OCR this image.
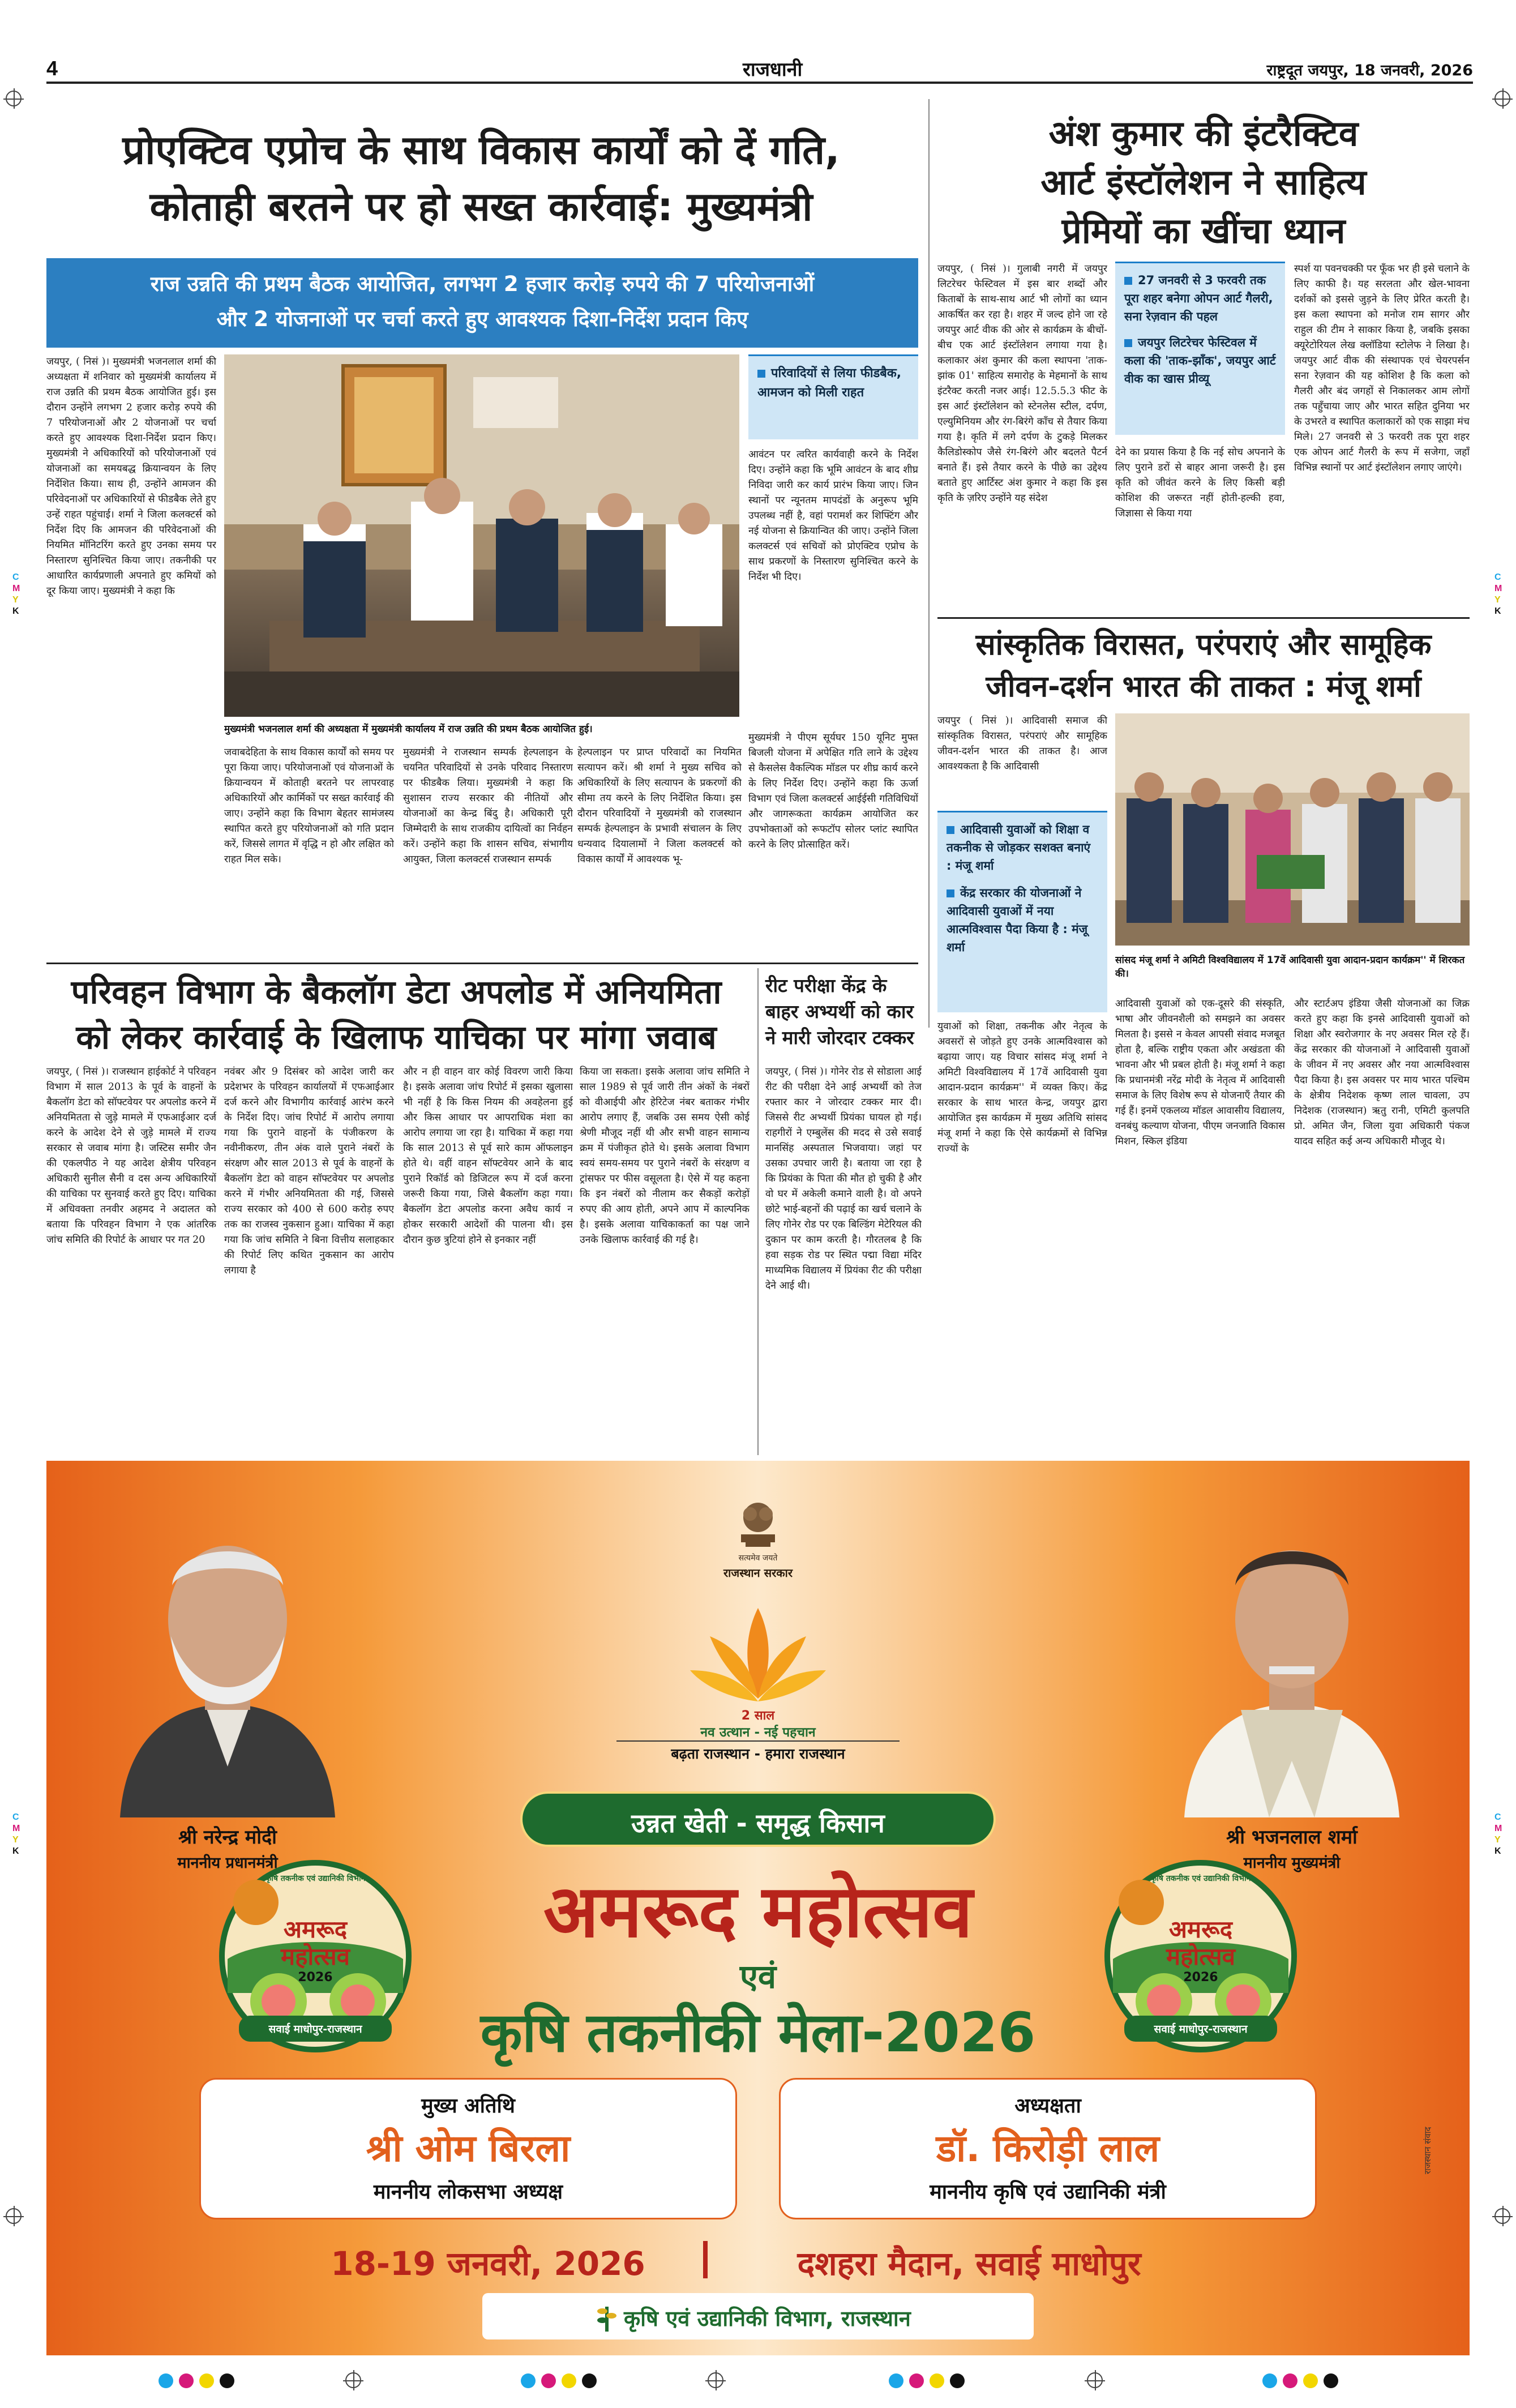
4	राजधानी	राष्ट्रदूत जयपुर, 18 जनवरी, 2026
C
M
Y
K
C
M
Y
K
C
M
Y
K
C
M
Y
K
प्रोएक्टिव एप्रोच के साथ विकास कार्यों को दें गति,
कोताही बरतने पर हो सख्त कार्रवाई: मुख्यमंत्री
राज उन्नति की प्रथम बैठक आयोजित, लगभग 2 हजार करोड़ रुपये की 7 परियोजनाओं
और 2 योजनाओं पर चर्चा करते हुए आवश्यक दिशा-निर्देश प्रदान किए
जयपुर, ( निसं )। मुख्यमंत्री भजनलाल शर्मा की अध्यक्षता में शनिवार को मुख्यमंत्री कार्यालय में राज उन्नति की प्रथम बैठक आयोजित हुई। इस दौरान उन्होंने लगभग 2 हजार करोड़ रुपये की 7 परियोजनाओं और 2 योजनाओं पर चर्चा करते हुए आवश्यक दिशा-निर्देश प्रदान किए। मुख्यमंत्री ने अधिकारियों को परियोजनाओं एवं योजनाओं का समयबद्ध क्रियान्वयन के लिए निर्देशित किया। साथ ही, उन्होंने आमजन की परिवेदनाओं पर अधिकारियों से फीडबैक लेते हुए उन्हें राहत पहुंचाई। शर्मा ने जिला कलक्टर्स को निर्देश दिए कि आमजन की परिवेदनाओं की नियमित मॉनिटरिंग करते हुए उनका समय पर निस्तारण सुनिश्चित किया जाए। तकनीकी पर आधारित कार्यप्रणाली अपनाते हुए कमियों को दूर किया जाए। मुख्यमंत्री ने कहा कि
परिवादियों से लिया फीडबैक, आमजन को मिली राहत
आवंटन पर त्वरित कार्यवाही करने के निर्देश दिए। उन्होंने कहा कि भूमि आवंटन के बाद शीघ्र निविदा जारी कर कार्य प्रारंभ किया जाए। जिन स्थानों पर न्यूनतम मापदंडों के अनुरूप भूमि उपलब्ध नहीं है, वहां परामर्श कर शिफ्टिंग और नई योजना से क्रियान्वित की जाए। उन्होंने जिला कलक्टर्स एवं सचिवों को प्रोएक्टिव एप्रोच के साथ प्रकरणों के निस्तारण सुनिश्चित करने के निर्देश भी दिए।
मुख्यमंत्री भजनलाल शर्मा की अध्यक्षता में मुख्यमंत्री कार्यालय में राज उन्नति की प्रथम बैठक आयोजित हुई।
जवाबदेहिता के साथ विकास कार्यों को समय पर पूरा किया जाए। परियोजनाओं एवं योजनाओं के क्रियान्वयन में कोताही बरतने पर लापरवाह अधिकारियों और कार्मिकों पर सख्त कार्रवाई की जाए। उन्होंने कहा कि विभाग बेहतर सामंजस्य स्थापित करते हुए परियोजनाओं को गति प्रदान करें, जिससे लागत में वृद्धि न हो और लक्षित को राहत मिल सके।
मुख्यमंत्री ने राजस्थान सम्पर्क हेल्पलाइन के चयनित परिवादियों से उनके परिवाद निस्तारण पर फीडबैक लिया। मुख्यमंत्री ने कहा कि सुशासन राज्य सरकार की नीतियों और योजनाओं का केन्द्र बिंदु है। अधिकारी पूरी जिम्मेदारी के साथ राजकीय दायित्वों का निर्वहन करें। उन्होंने कहा कि शासन सचिव, संभागीय आयुक्त, जिला कलक्टर्स राजस्थान सम्पर्क
हेल्पलाइन पर प्राप्त परिवादों का नियमित सत्यापन करें। श्री शर्मा ने मुख्य सचिव को अधिकारियों के लिए सत्यापन के प्रकरणों की सीमा तय करने के लिए निर्देशित किया। इस दौरान परिवादियों ने मुख्यमंत्री को राजस्थान सम्पर्क हेल्पलाइन के प्रभावी संचालन के लिए धन्यवाद दियालामों ने जिला कलक्टर्स को विकास कार्यों में आवश्यक भू-
मुख्यमंत्री ने पीएम सूर्यघर 150 यूनिट मुफ्त बिजली योजना में अपेक्षित गति लाने के उद्देश्य से कैसलेस वैकल्पिक मॉडल पर शीघ्र कार्य करने के लिए निर्देश दिए। उन्होंने कहा कि ऊर्जा विभाग एवं जिला कलक्टर्स आईईसी गतिविधियों और जागरूकता कार्यक्रम आयोजित कर उपभोक्ताओं को रूफटॉप सोलर प्लांट स्थापित करने के लिए प्रोत्साहित करें।
परिवहन विभाग के बैकलॉग डेटा अपलोड में अनियमिता
को लेकर कार्रवाई के खिलाफ याचिका पर मांगा जवाब
जयपुर, ( निसं )। राजस्थान हाईकोर्ट ने परिवहन विभाग में साल 2013 के पूर्व के वाहनों के बैकलॉग डेटा को सॉफ्टवेयर पर अपलोड करने में अनियमितता से जुड़े मामले में एफआईआर दर्ज करने के आदेश देने से जुड़े मामले में राज्य सरकार से जवाब मांगा है। जस्टिस समीर जैन की एकलपीठ ने यह आदेश क्षेत्रीय परिवहन अधिकारी सुनील सैनी व दस अन्य अधिकारियों की याचिका पर सुनवाई करते हुए दिए। याचिका में अधिवक्ता तनवीर अहमद ने अदालत को बताया कि परिवहन विभाग ने एक आंतरिक जांच समिति की रिपोर्ट के आधार पर गत 20
नवंबर और 9 दिसंबर को आदेश जारी कर प्रदेशभर के परिवहन कार्यालयों में एफआईआर दर्ज करने और विभागीय कार्रवाई आरंभ करने के निर्देश दिए। जांच रिपोर्ट में आरोप लगाया गया कि पुराने वाहनों के पंजीकरण के नवीनीकरण, तीन अंक वाले पुराने नंबरों के संरक्षण और साल 2013 से पूर्व के वाहनों के बैकलॉग डेटा को वाहन सॉफ्टवेयर पर अपलोड करने में गंभीर अनियमितता की गई, जिससे राज्य सरकार को 400 से 600 करोड़ रुपए तक का राजस्व नुकसान हुआ। याचिका में कहा गया कि जांच समिति ने बिना वित्तीय सलाहकार की रिपोर्ट लिए कथित नुकसान का आरोप लगाया है
और न ही वाहन वार कोई विवरण जारी किया है। इसके अलावा जांच रिपोर्ट में इसका खुलासा भी नहीं है कि किस नियम की अवहेलना हुई और किस आधार पर आपराधिक मंशा का आरोप लगाया जा रहा है। याचिका में कहा गया कि साल 2013 से पूर्व सारे काम ऑफलाइन होते थे। वहीं वाहन सॉफ्टवेयर आने के बाद पुराने रिकॉर्ड को डिजिटल रूप में दर्ज करना जरूरी किया गया, जिसे बैकलॉग कहा गया। बैकलॉग डेटा अपलोड करना अवैध कार्य न होकर सरकारी आदेशों की पालना थी। इस दौरान कुछ त्रुटियां होने से इनकार नहीं
किया जा सकता। इसके अलावा जांच समिति ने साल 1989 से पूर्व जारी तीन अंकों के नंबरों को वीआईपी और हेरिटेज नंबर बताकर गंभीर आरोप लगाए हैं, जबकि उस समय ऐसी कोई श्रेणी मौजूद नहीं थी और सभी वाहन सामान्य क्रम में पंजीकृत होते थे। इसके अलावा विभाग स्वयं समय-समय पर पुराने नंबरों के संरक्षण व ट्रांसफर पर फीस वसूलता है। ऐसे में यह कहना कि इन नंबरों को नीलाम कर सैकड़ों करोड़ों रुपए की आय होती, अपने आप में काल्पनिक है। इसके अलावा याचिकाकर्ता का पक्ष जाने उनके खिलाफ कार्रवाई की गई है।
रीट परीक्षा केंद्र के बाहर अभ्यर्थी को कार ने मारी जोरदार टक्कर
जयपुर, ( निसं )। गोनेर रोड से सोडाला आई रीट की परीक्षा देने आई अभ्यर्थी को तेज रफ्तार कार ने जोरदार टक्कर मार दी। जिससे रीट अभ्यर्थी प्रियंका घायल हो गई। राहगीरों ने एम्बुलेंस की मदद से उसे सवाई मानसिंह अस्पताल भिजवाया। जहां पर उसका उपचार जारी है। बताया जा रहा है कि प्रियंका के पिता की मौत हो चुकी है और वो घर में अकेली कमाने वाली है। वो अपने छोटे भाई-बहनों की पढ़ाई का खर्च चलाने के लिए गोनेर रोड पर एक बिल्डिंग मेटेरियल की दुकान पर काम करती है। गौरतलब है कि हवा सड़क रोड पर स्थित पद्मा विद्या मंदिर माध्यमिक विद्यालय में प्रियंका रीट की परीक्षा देने आई थी।
अंश कुमार की इंटरैक्टिव
आर्ट इंस्टॉलेशन ने साहित्य
प्रेमियों का खींचा ध्यान
जयपुर, ( निसं )। गुलाबी नगरी में जयपुर लिटरेचर फेस्टिवल में इस बार शब्दों और किताबों के साथ-साथ आर्ट भी लोगों का ध्यान आकर्षित कर रहा है। शहर में जल्द होने जा रहे जयपुर आर्ट वीक की ओर से कार्यक्रम के बीचों-बीच एक आर्ट इंस्टॉलेशन लगाया गया है। कलाकार अंश कुमार की कला स्थापना 'ताक-झांक 01' साहित्य समारोह के मेहमानों के साथ इंटरैक्ट करती नजर आई। 12.5.5.3 फीट के इस आर्ट इंस्टॉलेशन को स्टेनलेस स्टील, दर्पण, एल्युमिनियम और रंग-बिरंगे काँच से तैयार किया गया है। कृति में लगे दर्पण के टुकड़े मिलकर कैलिडोस्कोप जैसे रंग-बिरंगे और बदलते पैटर्न बनाते हैं। इसे तैयार करने के पीछे का उद्देश्य बताते हुए आर्टिस्ट अंश कुमार ने कहा कि इस कृति के ज़रिए उन्होंने यह संदेश
27 जनवरी से 3 फरवरी तक पूरा शहर बनेगा ओपन आर्ट गैलरी, सना रेज़वान की पहल
जयपुर लिटरेचर फेस्टिवल में कला की 'ताक-झाँक', जयपुर आर्ट वीक का खास प्रीव्यू
देने का प्रयास किया है कि नई सोच अपनाने के लिए पुराने डरों से बाहर आना जरूरी है। इस कृति को जीवंत करने के लिए किसी बड़ी कोशिश की जरूरत नहीं होती-हल्की हवा, जिज्ञासा से किया गया
स्पर्श या पवनचक्की पर फूँक भर ही इसे चलाने के लिए काफी है। यह सरलता और खेल-भावना दर्शकों को इससे जुड़ने के लिए प्रेरित करती है। इस कला स्थापना को मनोज राम सागर और राहुल की टीम ने साकार किया है, जबकि इसका क्यूरेटोरियल लेख क्लॉडिया स्टोलेफ ने लिखा है। जयपुर आर्ट वीक की संस्थापक एवं चेयरपर्सन सना रेज़वान की यह कोशिश है कि कला को गैलरी और बंद जगहों से निकालकर आम लोगों तक पहुँचाया जाए और भारत सहित दुनिया भर के उभरते व स्थापित कलाकारों को एक साझा मंच मिले। 27 जनवरी से 3 फरवरी तक पूरा शहर एक ओपन आर्ट गैलरी के रूप में सजेगा, जहाँ विभिन्न स्थानों पर आर्ट इंस्टॉलेशन लगाए जाएंगे।
सांस्कृतिक विरासत, परंपराएं और सामूहिक
जीवन-दर्शन भारत की ताकत : मंजू शर्मा
जयपुर ( निसं )। आदिवासी समाज की सांस्कृतिक विरासत, परंपराएं और सामूहिक जीवन-दर्शन भारत की ताकत है। आज आवश्यकता है कि आदिवासी
आदिवासी युवाओं को शिक्षा व तकनीक से जोड़कर सशक्त बनाएं : मंजू शर्मा
केंद्र सरकार की योजनाओं ने आदिवासी युवाओं में नया आत्मविश्वास पैदा किया है : मंजू शर्मा
सांसद मंजू शर्मा ने अमिटी विश्वविद्यालय में 17वें आदिवासी युवा आदान-प्रदान कार्यक्रम'' में शिरकत की।
युवाओं को शिक्षा, तकनीक और नेतृत्व के अवसरों से जोड़ते हुए उनके आत्मविश्वास को बढ़ाया जाए। यह विचार सांसद मंजू शर्मा ने अमिटी विश्वविद्यालय में 17वें आदिवासी युवा आदान-प्रदान कार्यक्रम'' में व्यक्त किए। केंद्र सरकार के साथ भारत केन्द्र, जयपुर द्वारा आयोजित इस कार्यक्रम में मुख्य अतिथि सांसद मंजू शर्मा ने कहा कि ऐसे कार्यक्रमों से विभिन्न राज्यों के
आदिवासी युवाओं को एक-दूसरे की संस्कृति, भाषा और जीवनशैली को समझने का अवसर मिलता है। इससे न केवल आपसी संवाद मजबूत होता है, बल्कि राष्ट्रीय एकता और अखंडता की भावना और भी प्रबल होती है। मंजू शर्मा ने कहा कि प्रधानमंत्री नरेंद्र मोदी के नेतृत्व में आदिवासी समाज के लिए विशेष रूप से योजनाएँ तैयार की गई हैं। इनमें एकलव्य मॉडल आवासीय विद्यालय, वनबंधु कल्याण योजना, पीएम जनजाति विकास मिशन, स्किल इंडिया
और स्टार्टअप इंडिया जैसी योजनाओं का जिक्र करते हुए कहा कि इनसे आदिवासी युवाओं को शिक्षा और स्वरोजगार के नए अवसर मिल रहे हैं। केंद्र सरकार की योजनाओं ने आदिवासी युवाओं के जीवन में नए अवसर और नया आत्मविश्वास पैदा किया है। इस अवसर पर माय भारत पश्चिम के क्षेत्रीय निदेशक कृष्ण लाल चावला, उप निदेशक (राजस्थान) ऋतु रानी, एमिटी कुलपति प्रो. अमित जैन, जिला युवा अधिकारी पंकज यादव सहित कई अन्य अधिकारी मौजूद थे।
सत्यमेव जयते
राजस्थान सरकार
2 साल
नव उत्थान - नई पहचान
बढ़ता राजस्थान - हमारा राजस्थान
श्री नरेन्द्र मोदी
माननीय प्रधानमंत्री
श्री भजनलाल शर्मा
माननीय मुख्यमंत्री
उन्नत खेती - समृद्ध किसान
अमरूद महोत्सव
एवं
कृषि तकनीकी मेला-2026
कृषि तकनीक एवं उद्यानिकी विभाग
अमरूद
महोत्सव
2026
सवाई माधोपुर-राजस्थान
कृषि तकनीक एवं उद्यानिकी विभाग
अमरूद
महोत्सव
2026
सवाई माधोपुर-राजस्थान
मुख्य अतिथि
श्री ओम बिरला
माननीय लोकसभा अध्यक्ष
अध्यक्षता
डॉ. किरोड़ी लाल
माननीय कृषि एवं उद्यानिकी मंत्री
18-19 जनवरी, 2026	दशहरा मैदान, सवाई माधोपुर
कृषि एवं उद्यानिकी विभाग, राजस्थान
राजस्थान संवाद
